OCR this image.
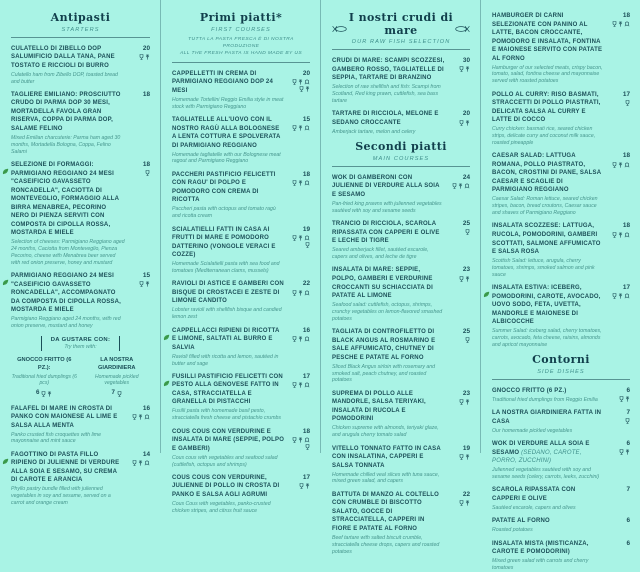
Antipasti
STARTERS
CULATELLO DI ZIBELLO DOP SALUMIFICIO DALLA TANA, PANE TOSTATO E RICCIOLI DI BURRO
Culatello ham from Zibello DOP, toasted bread and butter
20
TAGLIERE EMILIANO: PROSCIUTTO CRUDO DI PARMA DOP 30 MESI, MORTADELLA FAVOLA GRAN RISERVA, COPPA DI PARMA DOP, SALAME FELINO
Mixed Emilian charcuterie: Parma ham aged 30 months, Mortadella Bologna, Coppa, Felino Salami
18
SELEZIONE DI FORMAGGI: PARMIGIANO REGGIANO 24 MESI "CASEIFICIO GAVASSETO RONCADELLA", CACIOTTA DI MONTEVEGLIO, FORMAGGIO ALLA BIRRA MENABREA, PECORINO NERO DI PIENZA SERVITI CON COMPOSTA DI CIPOLLA ROSSA, MOSTARDA E MIELE
Selection of cheeses: Parmigiano Reggiano aged 24 months, Caciotta from Monteveglio, Pienza Pecorino, cheese with Menabrea beer served with red onion preserve, honey and mustard
18
PARMIGIANO REGGIANO 24 MESI "CASEIFICIO GAVASSETO RONCADELLA", ACCOMPAGNATO DA COMPOSTA DI CIPOLLA ROSSA, MOSTARDA E MIELE
Parmigiano Reggiano aged 24 months, with red onion preserve, mustard and honey
15
DA GUSTARE CON:
Try them with:
GNOCCO FRITTO (6 PZ.):
Traditional fried dumplings (6 pcs)
6
LA NOSTRA GIARDINIERA
Homemade pickled vegetables
7
FALAFEL DI MARE IN CROSTA DI PANKO CON MAIONESE AL LIME E SALSA ALLA MENTA
Panko crusted fish croquettes with lime mayonnaise and mint sauce
16
FAGOTTINO DI PASTA FILLO RIPIENO DI JULIENNE DI VERDURE ALLA SOIA E SESAMO, SU CREMA DI CAROTE E ARANCIA
Phyllo pastry bundle filled with julienned vegetables in soy and sesame, served on a carrot and orange cream
14
Primi piatti*
FIRST COURSES
TUTTA LA PASTA FRESCA È DI NOSTRA PRODUZIONE
ALL THE FRESH PASTA IS HAND MADE BY US
CAPPELLETTI IN CREMA DI PARMIGIANO REGGIANO DOP 24 MESI
Homemade Tortellini Reggio Emilia style in meat stock with Parmigiano Reggiano
20
TAGLIATELLE ALL'UOVO CON IL NOSTRO RAGÙ ALLA BOLOGNESE A LENTA COTTURA E SPOLVERATA DI PARMIGIANO REGGIANO
Homemade tagliatelle with our Bolognese meat ragout and Parmigiano Reggiano
15
PACCHERI PASTIFICIO FELICETTI CON RAGU' DI POLPO E POMODORO CON CREMA DI RICOTTA
Paccheri pasta with octopus and tomato ragù and ricotta cream
18
SCIALATIELLI FATTI IN CASA AI FRUTTI DI MARE E POMODORO DATTERINO (VONGOLE VERACI E COZZE)
Homemade Scialatielli pasta with sea food and tomatoes (Mediterranean clams, mussels)
19
RAVIOLI DI ASTICE E GAMBERI CON BISQUE DI CROSTACEI E ZESTE DI LIMONE CANDITO
Lobster ravioli with shellfish bisque and candied lemon zest
22
CAPPELLACCI RIPIENI DI RICOTTA E LIMONE, SALTATI AL BURRO E SALVIA
Ravioli filled with ricotta and lemon, sautéed in butter and sage
16
FUSILLI PASTIFICIO FELICETTI CON PESTO ALLA GENOVESE FATTO IN CASA, STRACCIATELLA E GRANELLA DI PISTACCHI
Fusilli pasta with homemade basil pesto, stracciatella fresh cheese and pistachio crumbs
17
COUS COUS CON VERDURINE E INSALATA DI MARE (SEPPIE, POLPO E GAMBERI)
Cous cous with vegetables and seafood salad (cuttlefish, octopus and shrimps)
18
COUS COUS CON VERDURINE, JULIENNE DI POLLO IN CROSTA DI PANKO E SALSA AGLI AGRUMI
Cous Cous with vegetables, panko-crusted chicken stripes, and citrus fruit sauce
17
I nostri crudi di mare
OUR RAW FISH SELECTION
CRUDI DI MARE: SCAMPI SCOZZESI, GAMBERO ROSSO, TAGLIATELLE DI SEPPIA, TARTARE DI BRANZINO
Selection of raw shellfish and fish: Scampi from Scotland, Red king prawn, cuttlefish, sea bass tartare
30
TARTARE DI RICCIOLA, MELONE E SEDANO CROCCANTE
Amberjack tartare, melon and celery
20
Secondi piatti
MAIN COURSES
WOK DI GAMBERONI CON JULIENNE DI VERDURE ALLA SOIA E SESAMO
Pan-fried king prawns with julienned vegetables sautéed with soy and sesame seeds
24
TRANCIO DI RICCIOLA, SCAROLA RIPASSATA CON CAPPERI E OLIVE E LECHE DI TIGRE
Seared amberjack fillet, sautéed escarole, capers and olives, and leche de tigre
25
INSALATA DI MARE: SEPPIE, POLPO, GAMBERI E VERDURINE CROCCANTI SU SCHIACCIATA DI PATATE AL LIMONE
Seafood salad: cuttlefish, octopus, shrimps, crunchy vegetables on lemon-flavored smashed potatoes
23
TAGLIATA DI CONTROFILETTO DI BLACK ANGUS AL ROSMARINO E SALE AFFUMICATO, CHUTNEY DI PESCHE E PATATE AL FORNO
Sliced Black Angus sirloin with rosemary and smoked salt, peach chutney, and roasted potatoes
25
SUPREMA DI POLLO ALLE MANDORLE, SALSA TERIYAKI, INSALATA DI RUCOLA E POMODORINI
Chicken supreme with almonds, teriyaki glaze, and arugula cherry tomato salad
23
VITELLO TONNATO FATTO IN CASA CON INSALATINA, CAPPERI E SALSA TONNATA
Homemade chilled veal slices with tuna sauce, mixed green salad, and capers
19
BATTUTA DI MANZO AL COLTELLO CON CRUMBLE DI BISCOTTO SALATO, GOCCE DI STRACCIATELLA, CAPPERI IN FIORE E PATATE AL FORNO
Beef tartare with salted biscuit crumble, stracciatella cheese drops, capers and roasted potatoes
22
HAMBURGER DI CARNI SELEZIONATE CON PANINO AL LATTE, BACON CROCCANTE, POMODORO E INSALATA, FONTINA E MAIONESE SERVITO CON PATATE AL FORNO
Hamburger of our selected meats, crispy bacon, tomato, salad, fontina cheese and mayonnaise served with roasted potatoes
18
POLLO AL CURRY: RISO BASMATI, STRACCETTI DI POLLO PIASTRATI, DELICATA SALSA AL CURRY E LATTE DI COCCO
Curry chicken: basmati rice, seared chicken strips, delicate curry and coconut milk sauce, roasted pineapple
17
CAESAR SALAD: LATTUGA ROMANA, POLLO PIASTRATO, BACON, CROSTINI DI PANE, SALSA CAESAR E SCAGLIE DI PARMIGIANO REGGIANO
Caesar Salad: Roman lettuce, seared chicken stripes, bacon, bread croutons, Caesar sauce and shaves of Parmigiano Reggiano
18
INSALATA SCOZZESE: LATTUGA, RUCOLA, POMODORINI, GAMBERI SCOTTATI, SALMONE AFFUMICATO E SALSA ROSA
Scottish Salad: lettuce, arugula, cherry tomatoes, shrimps, smoked salmon and pink sauce
18
INSALATA ESTIVA: ICEBERG, POMODORINI, CAROTE, AVOCADO, UOVO SODO, FETA, UVETTA, MANDORLE E MAIONESE DI ALBICOCCHE
Summer Salad: iceberg salad, cherry tomatoes, carrots, avocado, feta cheese, raisins, almonds and apricot mayonnaise
17
Contorni
SIDE DISHES
GNOCCO FRITTO (6 PZ.)
Traditional fried dumplings from Reggio Emilia
6
LA NOSTRA GIARDINIERA FATTA IN CASA
Our homemade pickled vegetables
7
WOK DI VERDURE ALLA SOIA E SESAMO (SEDANO, CAROTE, PORRO, ZUCCHINI)
Julienned vegetables sautéed with soy and sesame seeds (celery, carrots, leeks, zucchini)
6
SCAROLA RIPASSATA CON CAPPERI E OLIVE
Sautéed escarole, capers and olives
7
PATATE AL FORNO
Roasted potatoes
6
INSALATA MISTA (MISTICANZA, CAROTE E POMODORINI)
Mixed green salad with carrots and cherry tomatoes
6
